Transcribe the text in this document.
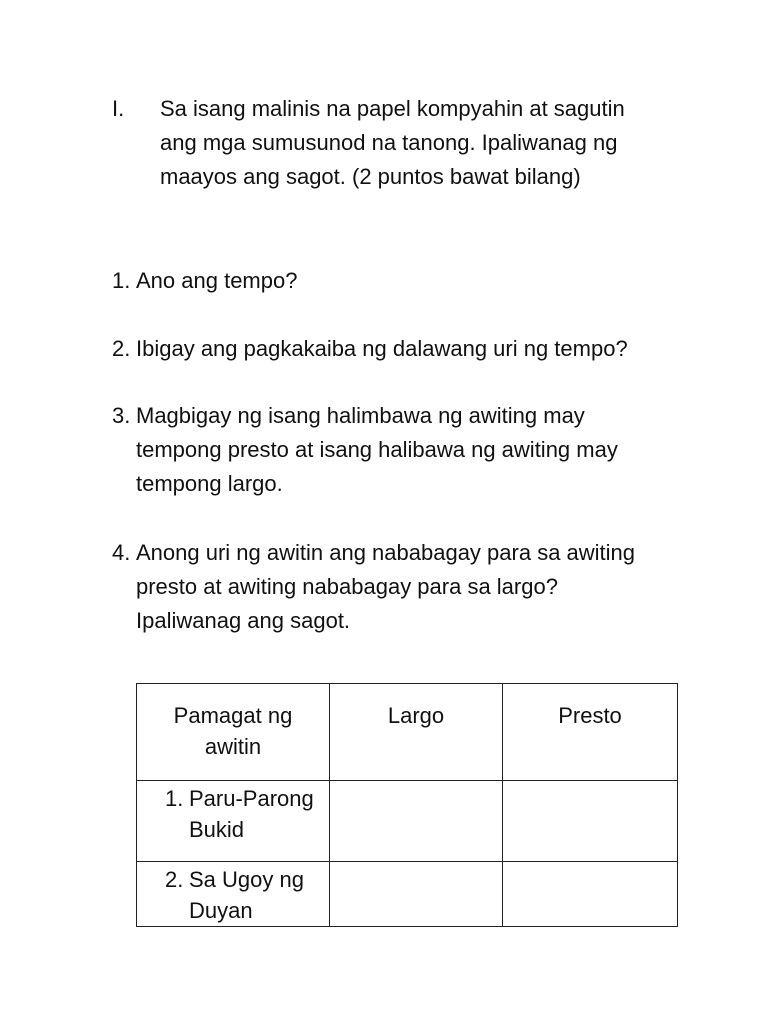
I.	Sa isang malinis na papel kompyahin at sagutin ang mga sumusunod na tanong. Ipaliwanag ng maayos ang sagot. (2 puntos bawat bilang)
1. Ano ang tempo?
2. Ibigay ang pagkakaiba ng dalawang uri ng tempo?
3. Magbigay ng isang halimbawa ng awiting may tempong presto at isang halibawa ng awiting may tempong largo.
4. Anong uri ng awitin ang nababagay para sa awiting presto at awiting nababagay para sa largo? Ipaliwanag ang sagot.
Pamagat ng awitin	Largo	Presto

1. Paru-Parong Bukid		

2. Sa Ugoy ng Duyan		
